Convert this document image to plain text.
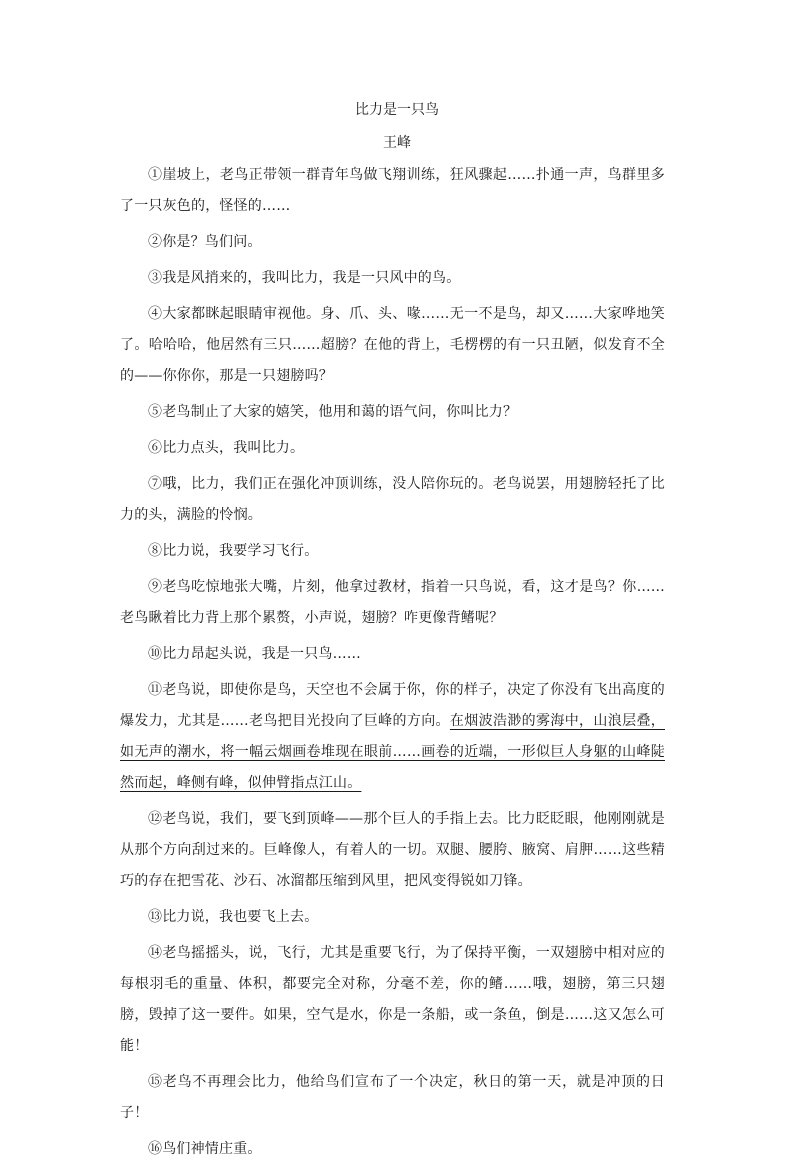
比力是一只鸟
王峰

①崖坡上，老鸟正带领一群青年鸟做飞翔训练，狂风骤起……扑通一声，鸟群里多了一只灰色的，怪怪的……

②你是？鸟们问。

③我是风捎来的，我叫比力，我是一只风中的鸟。

④大家都眯起眼睛审视他。身、爪、头、喙……无一不是鸟，却又……大家哗地笑了。哈哈哈，他居然有三只……超膀？在他的背上，毛楞楞的有一只丑陋，似发育不全的——你你你，那是一只翅膀吗？

⑤老鸟制止了大家的嬉笑，他用和蔼的语气问，你叫比力？

⑥比力点头，我叫比力。

⑦哦，比力，我们正在强化冲顶训练，没人陪你玩的。老鸟说罢，用翅膀轻托了比力的头，满脸的怜悯。

⑧比力说，我要学习飞行。

⑨老鸟吃惊地张大嘴，片刻，他拿过教材，指着一只鸟说，看，这才是鸟？你……老鸟瞅着比力背上那个累赘，小声说，翅膀？咋更像背鳍呢？

⑩比力昂起头说，我是一只鸟……

⑪老鸟说，即使你是鸟，天空也不会属于你，你的样子，决定了你没有飞出高度的爆发力，尤其是……老鸟把目光投向了巨峰的方向。在烟波浩渺的雾海中，山浪层叠，如无声的潮水，将一幅云烟画卷堆现在眼前……画卷的近端，一形似巨人身躯的山峰陡然而起，峰侧有峰，似伸臂指点江山。

⑫老鸟说，我们，要飞到顶峰——那个巨人的手指上去。比力眨眨眼，他刚刚就是从那个方向刮过来的。巨峰像人，有着人的一切。双腿、腰胯、腋窝、肩胛……这些精巧的存在把雪花、沙石、冰溜都压缩到风里，把风变得锐如刀锋。

⑬比力说，我也要飞上去。

⑭老鸟摇摇头，说，飞行，尤其是重要飞行，为了保持平衡，一双翅膀中相对应的每根羽毛的重量、体积，都要完全对称，分毫不差，你的鳍……哦，翅膀，第三只翅膀，毁掉了这一要件。如果，空气是水，你是一条船，或一条鱼，倒是……这又怎么可能！

⑮老鸟不再理会比力，他给鸟们宣布了一个决定，秋日的第一天，就是冲顶的日子！

⑯鸟们神情庄重。
